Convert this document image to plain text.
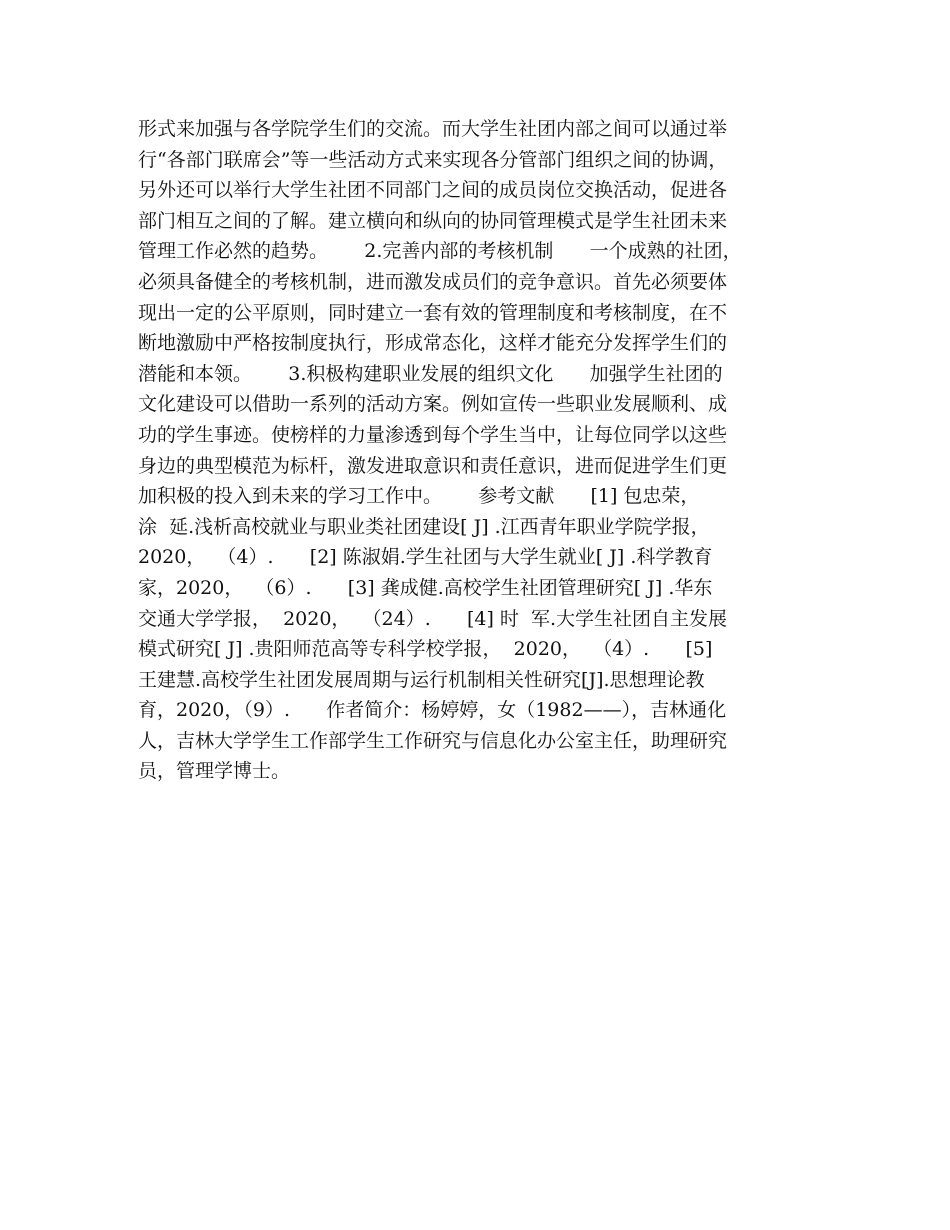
形式来加强与各学院学生们的交流。而大学生社团内部之间可以通过举
行“各部门联席会”等一些活动方式来实现各分管部门组织之间的协调，
另外还可以举行大学生社团不同部门之间的成员岗位交换活动，促进各
部门相互之间的了解。建立横向和纵向的协同管理模式是学生社团未来
管理工作必然的趋势。      2.完善内部的考核机制      一个成熟的社团，
必须具备健全的考核机制，进而激发成员们的竞争意识。首先必须要体
现出一定的公平原则，同时建立一套有效的管理制度和考核制度，在不
断地激励中严格按制度执行，形成常态化，这样才能充分发挥学生们的
潜能和本领。      3.积极构建职业发展的组织文化      加强学生社团的
文化建设可以借助一系列的活动方案。例如宣传一些职业发展顺利、成
功的学生事迹。使榜样的力量渗透到每个学生当中，让每位同学以这些
身边的典型模范为标杆，激发进取意识和责任意识，进而促进学生们更
加积极的投入到未来的学习工作中。      参考文献      [1] 包忠荣，
涂  延.浅析高校就业与职业类社团建设[ J] .江西青年职业学院学报，
2020，  （4）.      [2] 陈淑娟.学生社团与大学生就业[ J] .科学教育
家，2020，  （6）.      [3] 龚成健.高校学生社团管理研究[ J] .华东
交通大学学报，  2020，  （24）.      [4] 时  军.大学生社团自主发展
模式研究[ J] .贵阳师范高等专科学校学报，  2020，  （4）.      [5]
王建慧.高校学生社团发展周期与运行机制相关性研究[J].思想理论教
育，2020，（9）.      作者简介：杨婷婷，女（1982——），吉林通化
人，吉林大学学生工作部学生工作研究与信息化办公室主任，助理研究
员，管理学博士。
